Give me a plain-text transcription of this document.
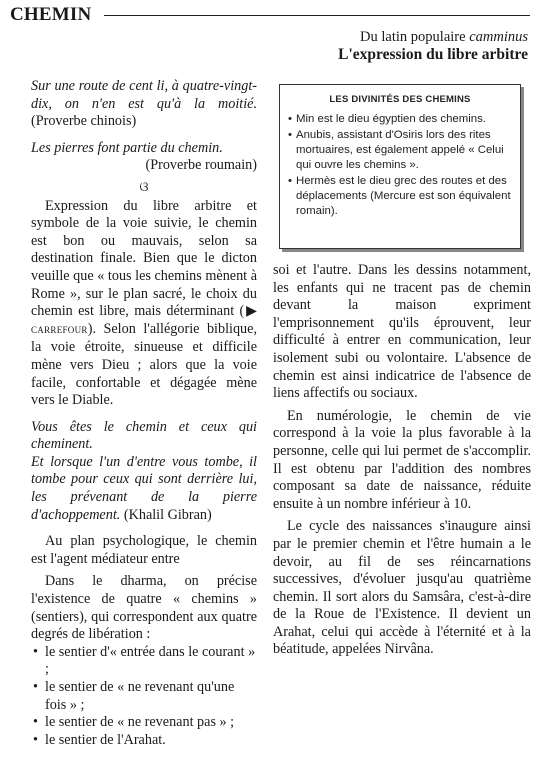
CHEMIN
Du latin populaire camminus
L'expression du libre arbitre
LES DIVINITÉS DES CHEMINS
• Min est le dieu égyptien des chemins.
• Anubis, assistant d'Osiris lors des rites mortuaires, est également appelé « Celui qui ouvre les chemins ».
• Hermès est le dieu grec des routes et des déplacements (Mercure est son équivalent romain).

Sur une route de cent li, à quatre-vingt-dix, on n'en est qu'à la moitié. (Proverbe chinois)

Les pierres font partie du chemin.

(Proverbe roumain)

ଓ

Expression du libre arbitre et symbole de la voie suivie, le chemin est bon ou mauvais, selon sa destination finale. Bien que le dicton veuille que « tous les chemins mènent à Rome », sur le plan sacré, le choix du chemin est libre, mais déterminant (▶ CARREFOUR). Selon l'allégorie biblique, la voie étroite, sinueuse et difficile mène vers Dieu ; alors que la voie facile, confortable et dégagée mène vers le Diable.

Vous êtes le chemin et ceux qui cheminent.
Et lorsque l'un d'entre vous tombe, il tombe pour ceux qui sont derrière lui, les prévenant de la pierre d'achoppement. (Khalil Gibran)

Au plan psychologique, le chemin est l'agent médiateur entre

Dans le dharma, on précise l'existence de quatre « chemins » (sentiers), qui correspondent aux quatre degrés de libération :

• le sentier d'« entrée dans le courant » ;
• le sentier de « ne revenant qu'une fois » ;
• le sentier de « ne revenant pas » ;
• le sentier de l'Arahat.

soi et l'autre. Dans les dessins notamment, les enfants qui ne tracent pas de chemin devant la maison expriment l'emprisonnement qu'ils éprouvent, leur difficulté à entrer en communication, leur isolement subi ou volontaire. L'absence de chemin est ainsi indicatrice de l'absence de liens affectifs ou sociaux.

En numérologie, le chemin de vie correspond à la voie la plus favorable à la personne, celle qui lui permet de s'accomplir. Il est obtenu par l'addition des nombres composant sa date de naissance, réduite ensuite à un nombre inférieur à 10.

Le cycle des naissances s'inaugure ainsi par le premier chemin et l'être humain a le devoir, au fil de ses réincarnations successives, d'évoluer jusqu'au quatrième chemin. Il sort alors du Samsâra, c'est-à-dire de la Roue de l'Existence. Il devient un Arahat, celui qui accède à l'éternité et à la béatitude, appelées Nirvâna.
